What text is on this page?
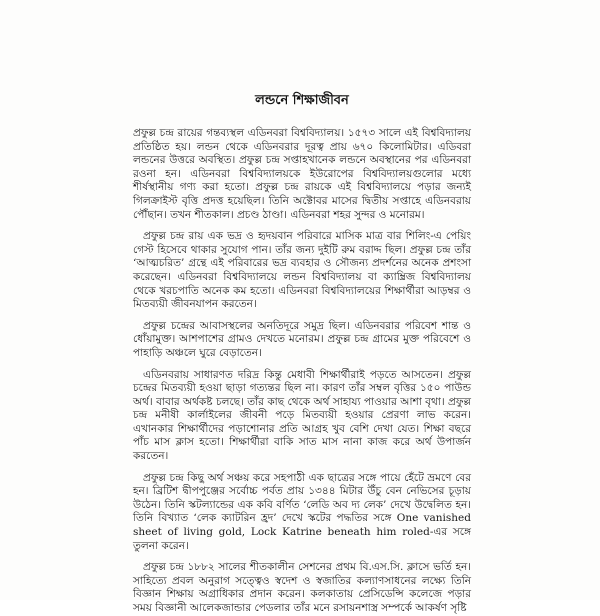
লন্ডনে শিক্ষাজীবন

প্রফুল্ল চন্দ্র রায়ের গন্তব্যস্থল এডিনবরা বিশ্ববিদ্যালয়। ১৫৭৩ সালে এই বিশ্ববিদ্যালয় প্রতিষ্ঠিত হয়। লন্ডন থেকে এডিনবরার দূরত্ব প্রায় ৬৭০ কিলোমিটার। এডিবরা লন্ডনের উত্তরে অবস্থিত। প্রফুল্ল চন্দ্র সপ্তাহখানেক লন্ডনে অবস্থানের পর এডিনবরা রওনা হন। এডিনবরা বিশ্ববিদ্যালয়কে ইউরোপের বিশ্ববিদ্যালয়গুলোর মধ্যে শীর্ষস্থানীয় গণ্য করা হতো। প্রফুল্ল চন্দ্র রায়কে এই বিশ্ববিদ্যালয়ে পড়ার জন্যই গিলক্রাইস্ট বৃত্তি প্রদত্ত হয়েছিল। তিনি অক্টোবর মাসের দ্বিতীয় সপ্তাহে এডিনবরায় পৌঁছান। তখন শীতকাল। প্রচণ্ড ঠাণ্ডা। এডিনবরা শহর সুন্দর ও মনোরম।

প্রফুল্ল চন্দ্র রায় এক ভদ্র ও হৃদয়বান পরিবারে মাসিক মাত্র বার শিলিং-এ পেয়িং গেস্ট হিসেবে থাকার সুযোগ পান। তাঁর জন্য দুইটি রুম বরাদ্দ ছিল। প্রফুল্ল চন্দ্র তাঁর ‘আত্মচরিত’ গ্রন্থে এই পরিবারের ভদ্র ব্যবহার ও সৌজন্য প্রদর্শনের অনেক প্রশংসা করেছেন। এডিনবরা বিশ্ববিদ্যালয়ে লন্ডন বিশ্ববিদ্যালয় বা ক্যাম্ব্রিজ বিশ্ববিদ্যালয় থেকে খরচপাতি অনেক কম হতো। এডিনবরা বিশ্ববিদ্যালয়ের শিক্ষার্থীরা আড়ম্বর ও মিতব্যয়ী জীবনযাপন করতেন।

প্রফুল্ল চন্দ্রের আবাসস্থলের অনতিদূরে সমুদ্র ছিল। এডিনবরার পরিবেশ শান্ত ও ধোঁয়ামুক্ত। আশপাশের গ্রামও দেখতে মনোরম। প্রফুল্ল চন্দ্র গ্রামের মুক্ত পরিবেশে ও পাহাড়ি অঞ্চলে ঘুরে বেড়াতেন।

এডিনবরায় সাধারণত দরিদ্র কিন্তু মেধাবী শিক্ষার্থীরাই পড়তে আসতেন। প্রফুল্ল চন্দ্রের মিতব্যয়ী হওয়া ছাড়া গত্যন্তর ছিল না। কারণ তাঁর সম্বল বৃত্তির ১৫০ পাউন্ড অর্থ। বাবার অর্থকষ্ট চলছে। তাঁর কাছ থেকে অর্থ সাহায্য পাওয়ার আশা বৃথা। প্রফুল্ল চন্দ্র মনীষী কার্লাইলের জীবনী পড়ে মিতব্যয়ী হওয়ার প্রেরণা লাভ করেন। এখানকার শিক্ষার্থীদের পড়াশোনার প্রতি আগ্রহ খুব বেশি দেখা যেত। শিক্ষা বছরে পাঁচ মাস ক্লাস হতো। শিক্ষার্থীরা বাকি সাত মাস নানা কাজ করে অর্থ উপার্জন করতেন।

প্রফুল্ল চন্দ্র কিছু অর্থ সঞ্চয় করে সহপাঠী এক ছাত্রের সঙ্গে পায়ে হেঁটে ভ্রমণে বের হন। ব্রিটিশ দ্বীপপুঞ্জের সর্বোচ্চ পর্বত প্রায় ১৩৪৪ মিটার উঁচু বেন নেভিসের চূড়ায় উঠেন। তিনি স্কটল্যান্ডের এক কবি বর্ণিত ‘লেডি অব দ্য লেক’ দেখে উদ্বেলিত হন। তিনি বিখ্যাত ‘লেক ক্যাটরিন হ্রদ’ দেখে স্কটের পদ্ধতির সঙ্গে One vanished sheet of living gold, Lock Katrine beneath him roled-এর সঙ্গে তুলনা করেন।

প্রফুল্ল চন্দ্র ১৮৮২ সালের শীতকালীন সেশনের প্রথম বি.এস.সি. ক্লাসে ভর্তি হন। সাহিত্যে প্রবল অনুরাগ সত্ত্বেও স্বদেশ ও স্বজাতির কল্যাণসাধনের লক্ষ্যে তিনি বিজ্ঞান শিক্ষায় অগ্রাধিকার প্রদান করেন। কলকাতায় প্রেসিডেন্সি কলেজে পড়ার সময় বিজ্ঞানী আলেকজান্ডার পেডলার তাঁর মনে রসায়নশাস্ত্র সম্পর্কে আকর্ষণ সৃষ্টি
